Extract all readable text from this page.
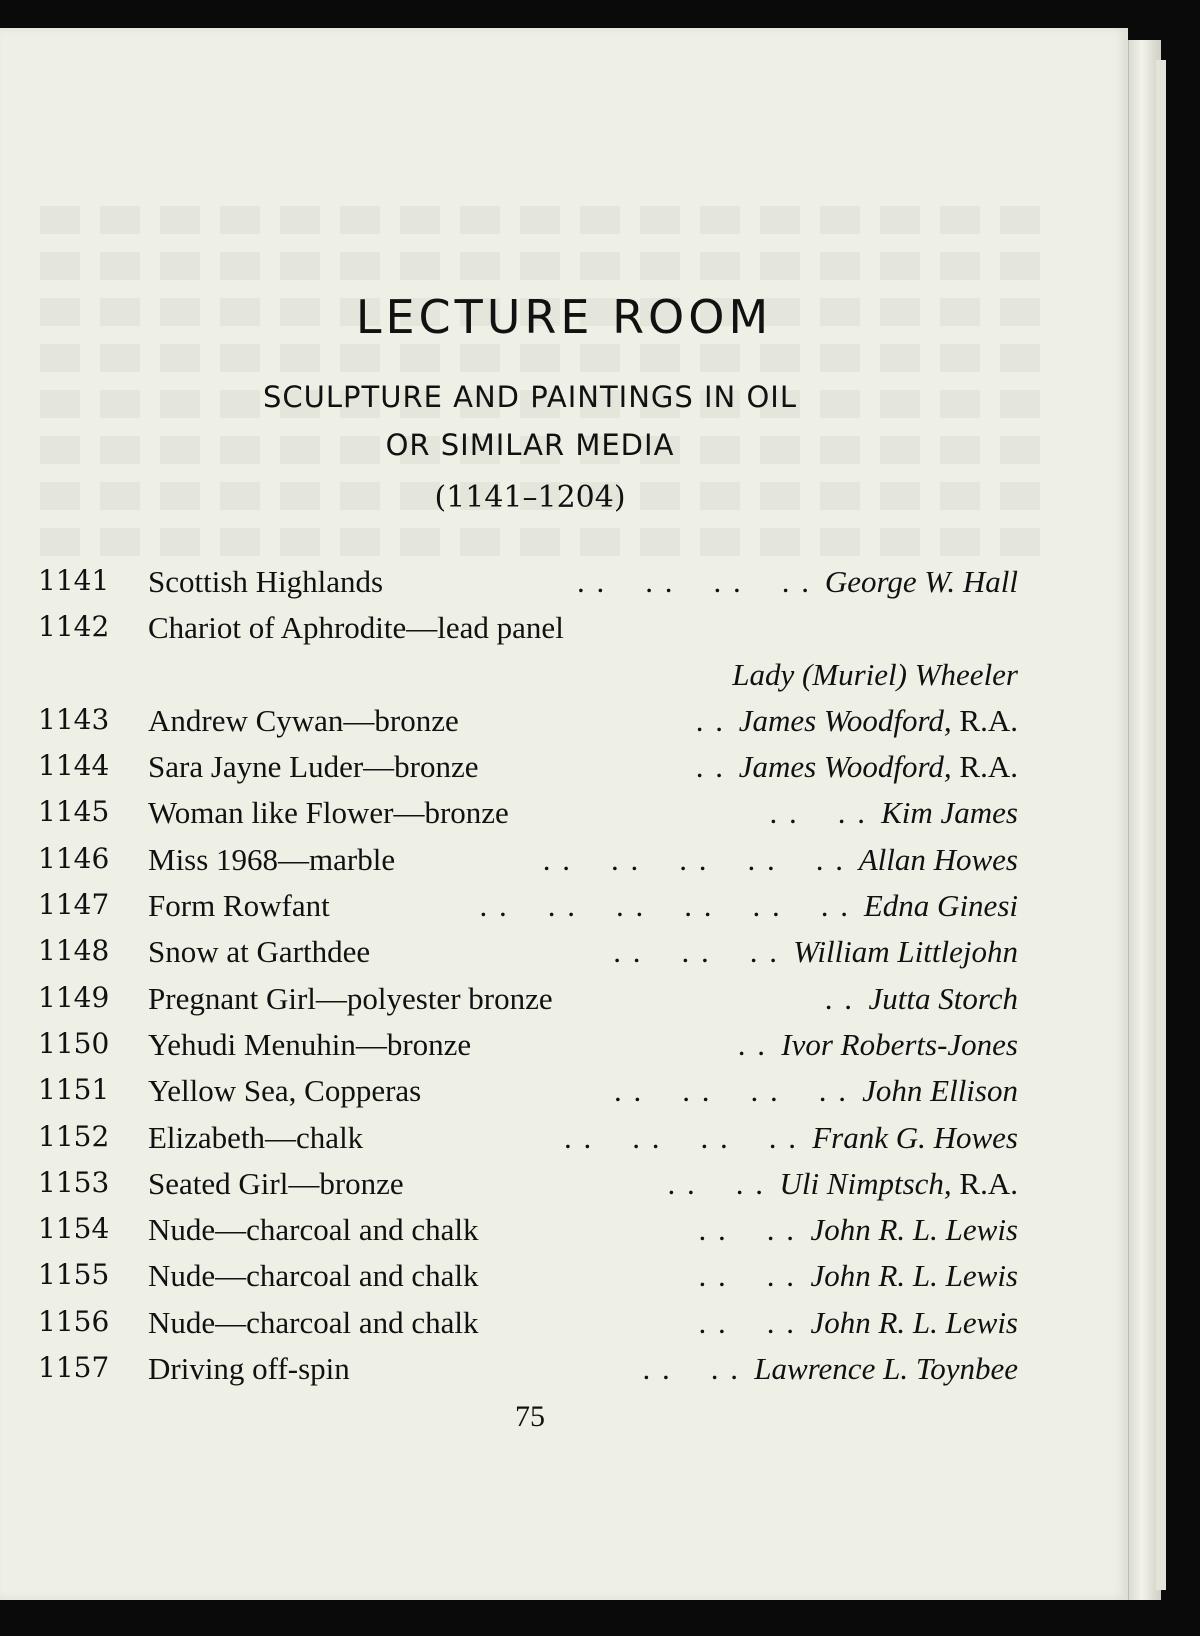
LECTURE ROOM
SCULPTURE AND PAINTINGS IN OIL
OR SIMILAR MEDIA
(1141–1204)
1141 Scottish Highlands	. .    . .    . .    . . George W. Hall
1142 Chariot of Aphrodite—lead panel
Lady (Muriel) Wheeler
1143 Andrew Cywan—bronze	. . James Woodford, R.A.
1144 Sara Jayne Luder—bronze	. . James Woodford, R.A.
1145 Woman like Flower—bronze	. .    . . Kim James
1146 Miss 1968—marble	. .    . .    . .    . .    . . Allan Howes
1147 Form Rowfant	. .    . .    . .    . .    . .    . . Edna Ginesi
1148 Snow at Garthdee	. .    . .    . . William Littlejohn
1149 Pregnant Girl—polyester bronze	. . Jutta Storch
1150 Yehudi Menuhin—bronze	. . Ivor Roberts-Jones
1151 Yellow Sea, Copperas	. .    . .    . .    . . John Ellison
1152 Elizabeth—chalk	. .    . .    . .    . . Frank G. Howes
1153 Seated Girl—bronze	. .    . . Uli Nimptsch, R.A.
1154 Nude—charcoal and chalk	. .    . . John R. L. Lewis
1155 Nude—charcoal and chalk	. .    . . John R. L. Lewis
1156 Nude—charcoal and chalk	. .    . . John R. L. Lewis
1157 Driving off-spin	. .    . . Lawrence L. Toynbee
75
